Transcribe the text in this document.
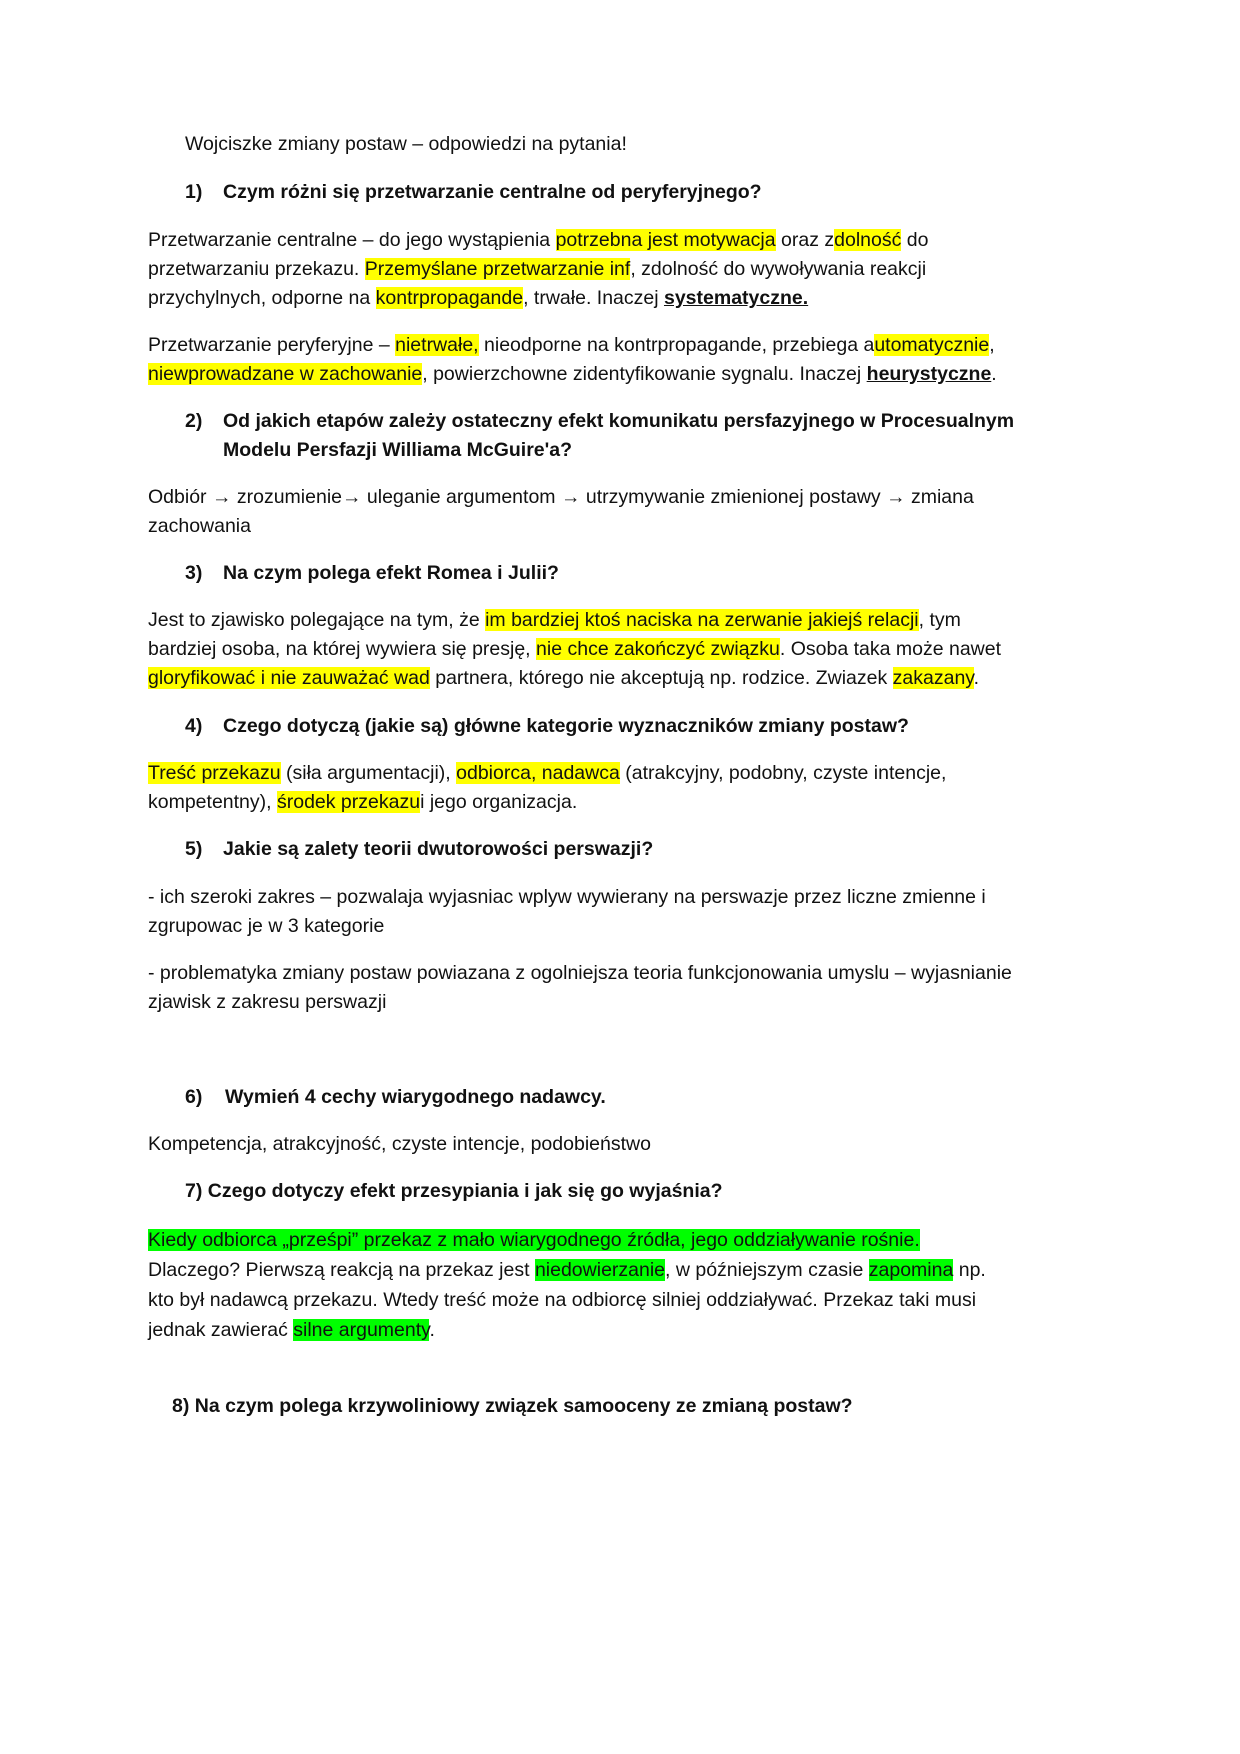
Wojciszke zmiany postaw – odpowiedzi na pytania!
1) Czym różni się przetwarzanie centralne od peryferyjnego?
Przetwarzanie centralne – do jego wystąpienia potrzebna jest motywacja oraz zdolność do
przetwarzaniu przekazu. Przemyślane przetwarzanie inf, zdolność do wywoływania reakcji
przychylnych, odporne na kontrpropagande, trwałe. Inaczej systematyczne.
Przetwarzanie peryferyjne – nietrwałe, nieodporne na kontrpropagande, przebiega automatycznie,
niewprowadzane w zachowanie, powierzchowne zidentyfikowanie sygnalu. Inaczej heurystyczne.
2) Od jakich etapów zależy ostateczny efekt komunikatu persfazyjnego w Procesualnym
Modelu Persfazji Williama McGuire'a?
Odbiór → zrozumienie→ uleganie argumentom → utrzymywanie zmienionej postawy → zmiana
zachowania
3) Na czym polega efekt Romea i Julii?
Jest to zjawisko polegające na tym, że im bardziej ktoś naciska na zerwanie jakiejś relacji, tym
bardziej osoba, na której wywiera się presję, nie chce zakończyć związku. Osoba taka może nawet
gloryfikować i nie zauważać wad partnera, którego nie akceptują np. rodzice. Zwiazek zakazany.
4) Czego dotyczą (jakie są) główne kategorie wyznaczników zmiany postaw?
Treść przekazu (siła argumentacji), odbiorca, nadawca (atrakcyjny, podobny, czyste intencje,
kompetentny), środek przekazui jego organizacja.
5) Jakie są zalety teorii dwutorowości perswazji?
- ich szeroki zakres – pozwalaja wyjasniac wplyw wywierany na perswazje przez liczne zmienne i
zgrupowac je w 3 kategorie
- problematyka zmiany postaw powiazana z ogolniejsza teoria funkcjonowania umyslu – wyjasnianie
zjawisk z zakresu perswazji
6) Wymień 4 cechy wiarygodnego nadawcy.
Kompetencja, atrakcyjność, czyste intencje, podobieństwo
7) Czego dotyczy efekt przesypiania i jak się go wyjaśnia?
Kiedy odbiorca „prześpi” przekaz z mało wiarygodnego źródła, jego oddziaływanie rośnie.
Dlaczego? Pierwszą reakcją na przekaz jest niedowierzanie, w późniejszym czasie zapomina np.
kto był nadawcą przekazu. Wtedy treść może na odbiorcę silniej oddziaływać. Przekaz taki musi
jednak zawierać silne argumenty.
8) Na czym polega krzywoliniowy związek samooceny ze zmianą postaw?
